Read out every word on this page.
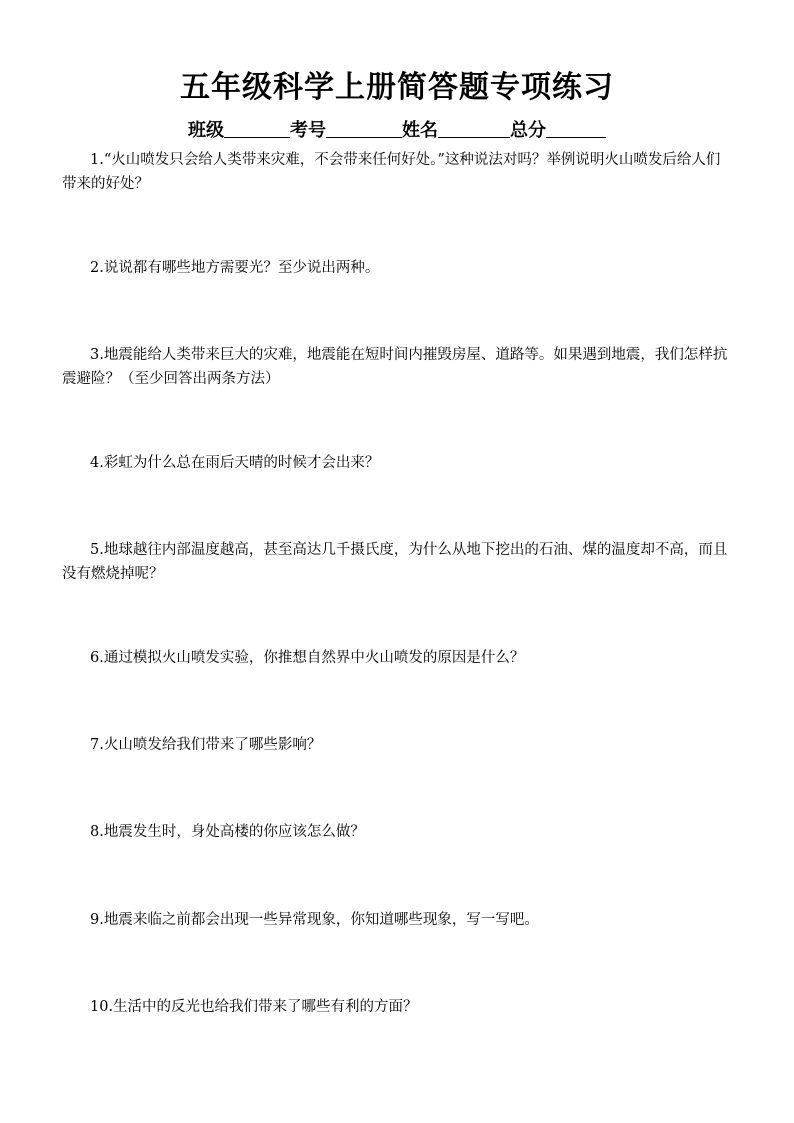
五年级科学上册简答题专项练习
班级	考号	姓名	总分
1.“火山喷发只会给人类带来灾难，不会带来任何好处。”这种说法对吗？举例说明火山喷发后给人们带来的好处？
2.说说都有哪些地方需要光？至少说出两种。
3.地震能给人类带来巨大的灾难，地震能在短时间内摧毁房屋、道路等。如果遇到地震，我们怎样抗震避险？（至少回答出两条方法）
4.彩虹为什么总在雨后天晴的时候才会出来？
5.地球越往内部温度越高，甚至高达几千摄氏度，为什么从地下挖出的石油、煤的温度却不高，而且没有燃烧掉呢？
6.通过模拟火山喷发实验，你推想自然界中火山喷发的原因是什么？
7.火山喷发给我们带来了哪些影响？
8.地震发生时，身处高楼的你应该怎么做？
9.地震来临之前都会出现一些异常现象，你知道哪些现象，写一写吧。
10.生活中的反光也给我们带来了哪些有利的方面？
